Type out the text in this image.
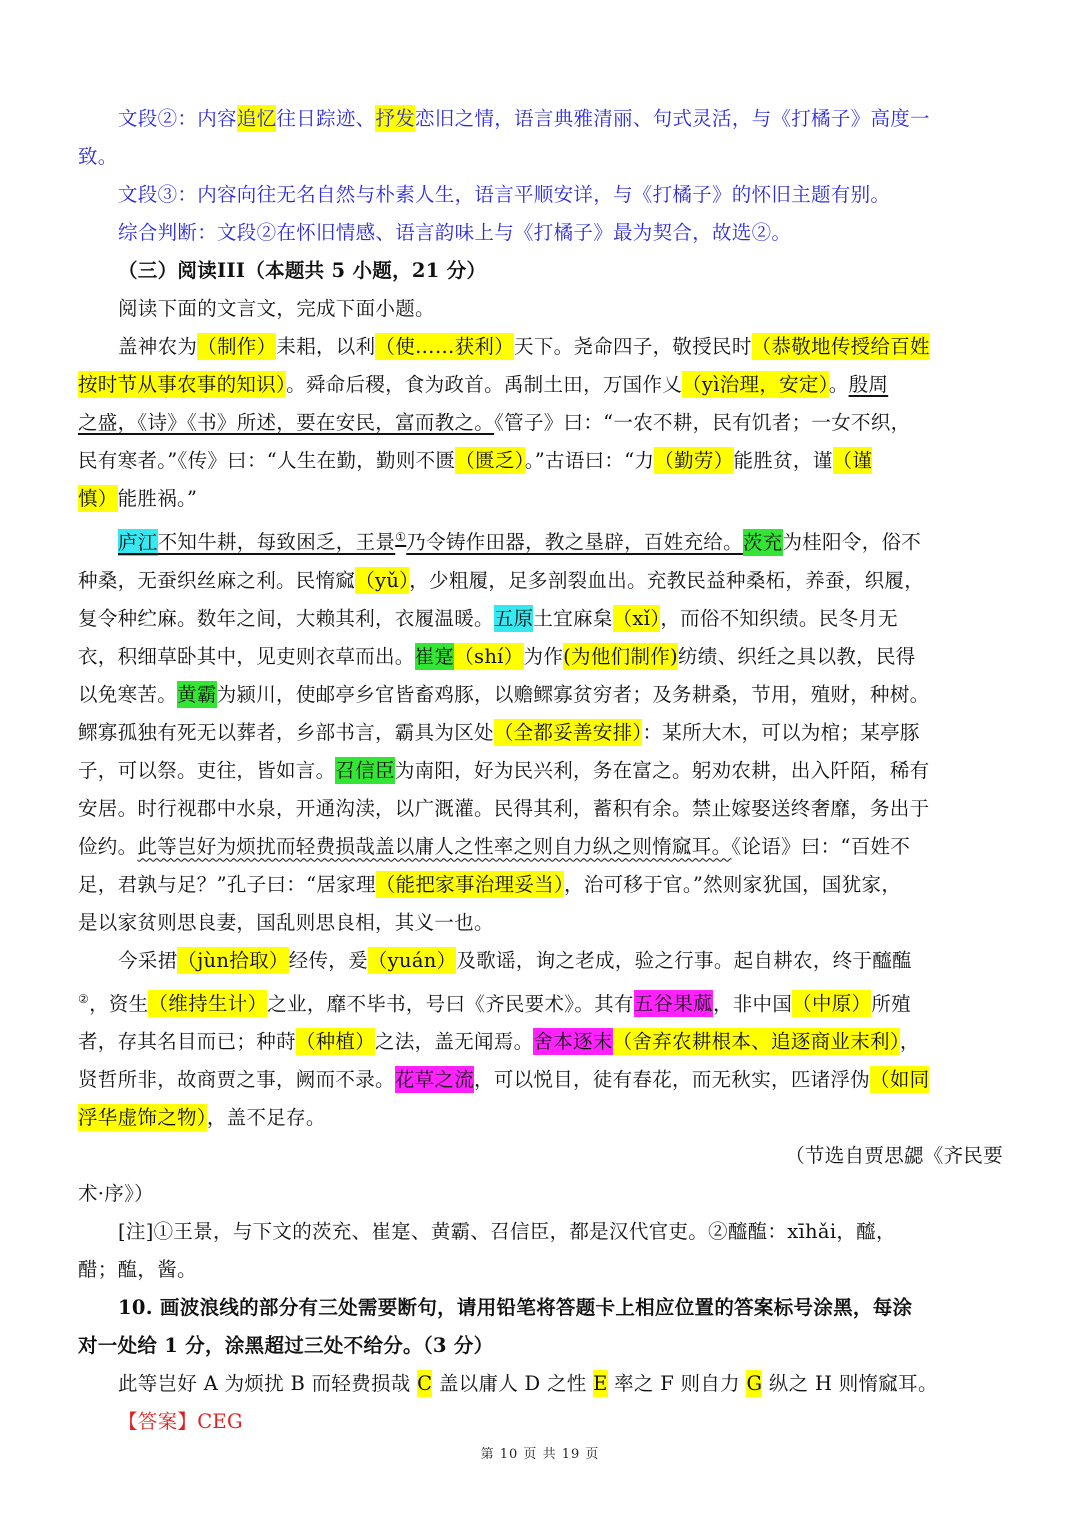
文段②：内容追忆往日踪迹、抒发恋旧之情，语言典雅清丽、句式灵活，与《打橘子》高度一
致。
文段③：内容向往无名自然与朴素人生，语言平顺安详，与《打橘子》的怀旧主题有别。
综合判断：文段②在怀旧情感、语言韵味上与《打橘子》最为契合，故选②。
（三）阅读III（本题共 5 小题，21 分）
阅读下面的文言文，完成下面小题。
盖神农为（制作）耒耜，以利（使……获利）天下。尧命四子，敬授民时（恭敬地传授给百姓
按时节从事农事的知识）。舜命后稷，食为政首。禹制土田，万国作乂（yì治理，安定）。殷周
之盛，《诗》《书》所述，要在安民，富而教之。《管子》曰：“一农不耕，民有饥者；一女不织，
民有寒者。”《传》曰：“人生在勤，勤则不匮（匮乏）。”古语曰：“力（勤劳）能胜贫，谨（谨
慎）能胜祸。”
庐江不知牛耕，每致困乏，王景①乃令铸作田器，教之垦辟，百姓充给。茨充为桂阳令，俗不
种桑，无蚕织丝麻之利。民惰窳（yǔ），少粗履，足多剖裂血出。充教民益种桑柘，养蚕，织履，
复令种纻麻。数年之间，大赖其利，衣履温暖。五原土宜麻枲（xǐ），而俗不知织绩。民冬月无
衣，积细草卧其中，见吏则衣草而出。崔寔（shí）为作(为他们制作)纺绩、织纴之具以教，民得
以免寒苦。黄霸为颍川，使邮亭乡官皆畜鸡豚，以赡鳏寡贫穷者；及务耕桑，节用，殖财，种树。
鳏寡孤独有死无以葬者，乡部书言，霸具为区处（全都妥善安排）：某所大木，可以为棺；某亭豚
子，可以祭。吏往，皆如言。召信臣为南阳，好为民兴利，务在富之。躬劝农耕，出入阡陌，稀有
安居。时行视郡中水泉，开通沟渎，以广溉灌。民得其利，蓄积有余。禁止嫁娶送终奢靡，务出于
俭约。此等岂好为烦扰而轻费损哉盖以庸人之性率之则自力纵之则惰窳耳。《论语》曰：“百姓不
足，君孰与足？”孔子曰：“居家理（能把家事治理妥当），治可移于官。”然则家犹国，国犹家，
是以家贫则思良妻，国乱则思良相，其义一也。
今采捃（jùn拾取）经传，爰（yuán）及歌谣，询之老成，验之行事。起自耕农，终于醯醢
②，资生（维持生计）之业，靡不毕书，号曰《齐民要术》。其有五谷果蓏，非中国（中原）所殖
者，存其名目而已；种莳（种植）之法，盖无闻焉。舍本逐末（舍弃农耕根本、追逐商业末利），
贤哲所非，故商贾之事，阙而不录。花草之流，可以悦目，徒有春花，而无秋实，匹诸浮伪（如同
浮华虚饰之物），盖不足存。
（节选自贾思勰《齐民要
术·序》）
[注]①王景，与下文的茨充、崔寔、黄霸、召信臣，都是汉代官吏。②醯醢：xīhǎi，醯，
醋；醢，酱。
10. 画波浪线的部分有三处需要断句，请用铅笔将答题卡上相应位置的答案标号涂黑，每涂
对一处给 1 分，涂黑超过三处不给分。（3 分）
此等岂好 A 为烦扰 B 而轻费损哉 C 盖以庸人 D 之性 E 率之 F 则自力 G 纵之 H 则惰窳耳。
【答案】CEG
第 10 页 共 19 页
